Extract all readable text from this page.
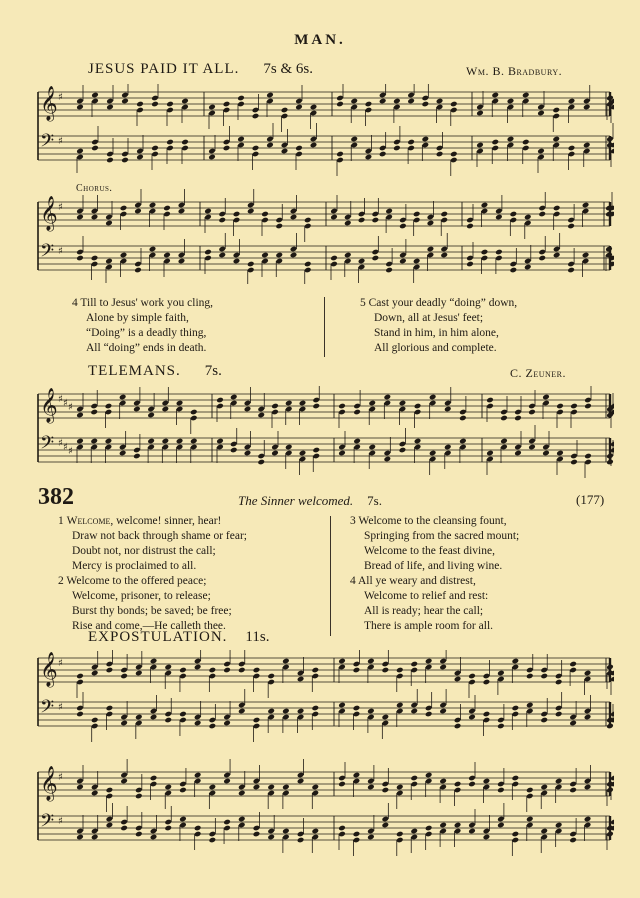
MAN.
JESUS PAID IT ALL. 7s & 6s.	Wm. B. Bradbury.
𝄞 ♯
𝄢 ♯
𝄞 ♯
𝄢 ♯
Chorus.
4 Till to Jesus' work you cling,
Alone by simple faith,
“Doing” is a deadly thing,
All “doing” ends in death.
5 Cast your deadly “doing” down,
Down, all at Jesus' feet;
Stand in him, in him alone,
All glorious and complete.
TELEMANS. 7s.	C. Zeuner.
𝄞 ♯ ♯ ♯
𝄢 ♯ ♯ ♯
382	The Sinner welcomed. 7s.	(177)
1 Welcome, welcome! sinner, hear!
Draw not back through shame or fear;
Doubt not, nor distrust the call;
Mercy is proclaimed to all.
2 Welcome to the offered peace;
Welcome, prisoner, to release;
Burst thy bonds; be saved; be free;
Rise and come,—He calleth thee.
3 Welcome to the cleansing fount,
Springing from the sacred mount;
Welcome to the feast divine,
Bread of life, and living wine.
4 All ye weary and distrest,
Welcome to relief and rest:
All is ready; hear the call;
There is ample room for all.
EXPOSTULATION. 11s.
𝄞 ♯
𝄢 ♯
𝄞 ♯
𝄢 ♯
